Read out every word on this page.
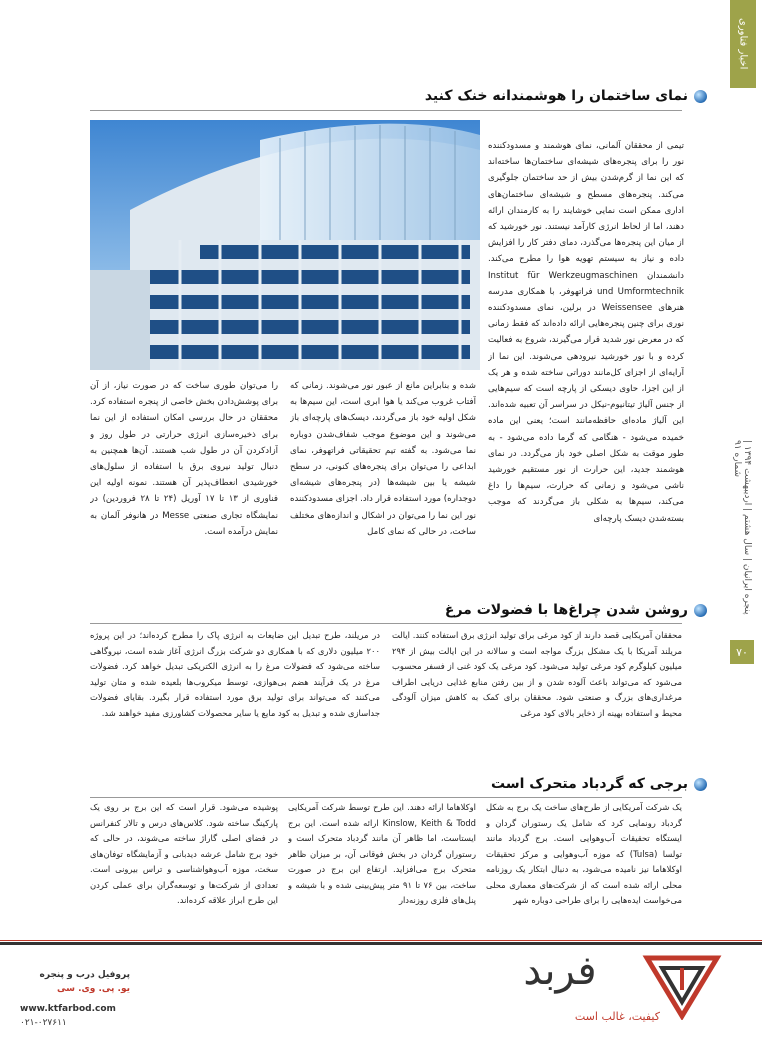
اخبار فناوری
پنجره ایرانیان | سال هشتم | اردیبهشت ۱۳۹۴ | شماره ۹۱
۷۰
نمای ساختمان را هوشمندانه خنک کنید
تیمی از محققان آلمانی، نمای هوشمند و مسدودکننده نور را برای پنجره‌های شیشه‌ای ساختمان‌ها ساخته‌اند که این نما از گرم‌شدن بیش از حد ساختمان جلوگیری می‌کند. پنجره‌های مسطح و شیشه‌ای ساختمان‌های اداری ممکن است نمایی خوشایند را به کارمندان ارائه دهند، اما از لحاظ انرژی کارآمد نیستند. نور خورشید که از میان این پنجره‌ها می‌گذرد، دمای دفتر کار را افزایش داده و نیاز به سیستم تهویه هوا را مطرح می‌کند. دانشمندان Institut für Werkzeugmaschinen und Umformtechnik فراتهوفر، با همکاری مدرسه هنرهای Weissensee در برلین، نمای مسدودکننده نوری برای چنین پنجره‌هایی ارائه داده‌اند که فقط زمانی که در معرض نور شدید قرار می‌گیرند، شروع به فعالیت کرده و با نور خورشید نیرودهی می‌شوند. این نما از آرایه‌ای از اجزای کل‌مانند دوراتی ساخته شده و هر یک از این اجزا، حاوی دیسکی از پارچه است که سیم‌هایی از جنس آلیاژ تیتانیوم-نیکل در سراسر آن تعبیه شده‌اند. این آلیاژ ماده‌ای حافظه‌مانند است؛ یعنی این ماده خمیده می‌شود - هنگامی که گرما داده می‌شود - به طور موقت به شکل اصلی خود باز می‌گردد. در نمای هوشمند جدید، این حرارت از نور مستقیم خورشید ناشی می‌شود و زمانی که حرارت، سیم‌ها را داغ می‌کند، سیم‌ها به شکلی باز می‌گردند که موجب بسته‌شدن دیسک پارچه‌ای
شده و بنابراین مانع از عبور نور می‌شوند. زمانی که آفتاب غروب می‌کند یا هوا ابری است، این سیم‌ها به شکل اولیه خود باز می‌گردند، دیسک‌های پارچه‌ای باز می‌شوند و این موضوع موجب شفاف‌شدن دوباره نما می‌شود. به گفته تیم تحقیقاتی فراتهوفر، نمای ابداعی را می‌توان برای پنجره‌های کنونی، در سطح شیشه یا بین شیشه‌ها (در پنجره‌های شیشه‌ای دوجداره) مورد استفاده قرار داد. اجزای مسدودکننده نور این نما را می‌توان در اشکال و اندازه‌های مختلف ساخت، در حالی که نمای کامل
را می‌توان طوری ساخت که در صورت نیاز، از آن برای پوشش‌دادن بخش خاصی از پنجره استفاده کرد. محققان در حال بررسی امکان استفاده از این نما برای ذخیره‌سازی انرژی حرارتی در طول روز و آزادکردن آن در طول شب هستند. آن‌ها همچنین به دنبال تولید نیروی برق با استفاده از سلول‌های خورشیدی انعطاف‌پذیر آن هستند. نمونه اولیه این فناوری از ۱۳ تا ۱۷ آوریل (۲۴ تا ۲۸ فروردین) در نمایشگاه تجاری صنعتی Messe در هانوفر آلمان به نمایش درآمده است.
روشن شدن چراغ‌ها با فضولات مرغ
محققان آمریکایی قصد دارند از کود مرغی برای تولید انرژی برق استفاده کنند. ایالت مریلند آمریکا با یک مشکل بزرگ مواجه است و سالانه در این ایالت بیش از ۲۹۴ میلیون کیلوگرم کود مرغی تولید می‌شود. کود مرغی یک کود غنی از فسفر محسوب می‌شود که می‌تواند باعث آلوده شدن و از بین رفتن منابع غذایی دریایی اطراف مرغداری‌های بزرگ و صنعتی شود. محققان برای کمک به کاهش میزان آلودگی محیط و استفاده بهینه از ذخایر بالای کود مرغی
در مریلند، طرح تبدیل این ضایعات به انرژی پاک را مطرح کرده‌اند؛ در این پروژه ۲۰۰ میلیون دلاری که با همکاری دو شرکت بزرگ انرژی آغاز شده است، نیروگاهی ساخته می‌شود که فضولات مرغ را به انرژی الکتریکی تبدیل خواهد کرد. فضولات مرغ در یک فرآیند هضم بی‌هوازی، توسط میکروب‌ها بلعیده شده و متان تولید می‌کنند که می‌تواند برای تولید برق مورد استفاده قرار بگیرد. بقایای فضولات جداسازی شده و تبدیل به کود مایع یا سایر محصولات کشاورزی مفید خواهند شد.
برجی که گردباد متحرک است
یک شرکت آمریکایی از طرح‌های ساخت یک برج به شکل گردباد رونمایی کرد که شامل یک رستوران گردان و ایستگاه تحقیقات آب‌وهوایی است. برج گردباد مانند تولسا (Tulsa) که موزه آب‌وهوایی و مرکز تحقیقات اوکلاهاما نیز نامیده می‌شود، به دنبال ابتکار یک روزنامه محلی ارائه شده است که از شرکت‌های معماری محلی می‌خواست ایده‌هایی را برای طراحی دوباره شهر
اوکلاهاما ارائه دهند. این طرح توسط شرکت آمریکایی Kinslow, Keith & Todd ارائه شده است. این برج ایستاست، اما ظاهر آن مانند گردباد متحرک است و رستوران گردان در بخش فوقانی آن، بر میزان ظاهر متحرک برج می‌افزاید. ارتفاع این برج در صورت ساخت، بین ۷۶ تا ۹۱ متر پیش‌بینی شده و با شیشه و پنل‌های فلزی روزنه‌دار
پوشیده می‌شود. قرار است که این برج بر روی یک پارکینگ ساخته شود. کلاس‌های درس و تالار کنفرانس در فضای اصلی گاراژ ساخته می‌شوند، در حالی که خود برج شامل عرشه دیدبانی و آزمایشگاه توفان‌های سخت، موزه آب‌وهواشناسی و تراس بیرونی است. تعدادی از شرکت‌ها و توسعه‌گران برای عملی کردن این طرح ابراز علاقه کرده‌اند.
فربد
کیفیت، غالب است
پروفیل درب و پنجره
یو. پی. وی. سی
www.ktfarbod.com
۰۲۱-۰۲۷۶۱۱
